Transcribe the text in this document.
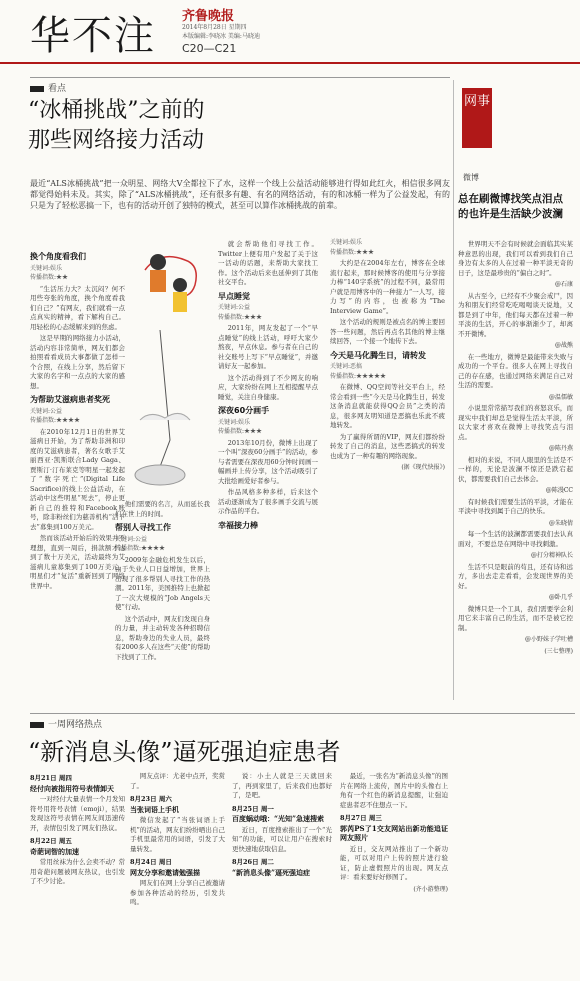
华不注 齐鲁晚报
2014年8月28日 星期四
本版编辑:李晓冰 美编:马晓迪
C20—C21
看点
“冰桶挑战”之前的
那些网络接力活动
最近“ALS冰桶挑战”把一众明星、网络大V全都拉下了水，这样一个线上公益活动能够进行得如此红火，相信很多网友都觉得始料未及。其实，除了“ALS冰桶挑战”，还有很多有趣、有名的网络活动，有的和冰桶一样为了公益发起，有的只是为了轻松恶搞一下，也有的活动开创了独特的模式，甚至可以算作冰桶挑战的前辈。
换个角度看我们

关键词:娱乐

传播指数:★★

“生活压力大？太沉闷？何不用些夸张的角度，换个角度看我们自己？”有网友，我们就看一点点真实的精神，看下解构自己。用轻松的心态缓解来到的焦虑。

这是早期的网络接力小活动，活动内容非常简单，网友们都会拍照看看成员大事都做了怎样一个合照，在线上分享，然后留下大家的名字和一点点的大家的感想。

为帮助艾滋病患者奖死

关键词:公益

传播指数:★★★★

在2010年12月1日的世界艾滋病日开始，为了帮助非洲和印度的艾滋病患者，著名女歌手艾丽西亚·凯斯联合Lady Gaga、贾斯汀·汀布莱克等明星一起发起了“数字死亡”(Digital Life Sacrifice)的线上公益活动，在活动中这些明星“死去”，停止更新自己的推特和Facebook账号，除非粉丝们为慈善机构“活下去”募集到100万美元。

然而该活动开始后的效果并不理想，直到一周后，捐款额才达到了数十万美元，活动最终为艾滋病儿童募集到了100万美元，明星们才“复活”重新回到了网络世界中。

他们需要的名言，从而延长我们在世上的时间。

帮别人寻找工作

关键词:公益

传播指数:★★★★

2009年金融危机发生以后，由于失业人口日益增加，世界上出现了很多帮别人寻找工作的热潮。2011年，美国推特上也掀起了一次大规模的“Job Angels天使”行动。

这个活动中，网友们发现自身的力量，并主动转发各种招聘信息，帮助身边的失业人员，最终有2000多人在这些“天使”的帮助下找到了工作。

就会帮助他们寻找工作。Twitter上便有用户发起了关于这一活动的话题，来帮助大家找工作。这个活动后来也延伸到了其他社交平台。

早点睡觉

关键词:公益

传播指数:★★★

2011年，网友发起了一个“早点睡觉”的线上活动，呼吁大家少熬夜，早点休息。参与者在自己的社交账号上写下“早点睡觉”，并邀请好友一起参加。

这个活动得到了不少网友的响应，大家纷纷在网上互相提醒早点睡觉，关注自身健康。

深夜60分画手

关键词:娱乐

传播指数:★★★

2013年10月份，微博上出现了一个叫“深夜60分画手”的活动，参与者需要在深夜用60分钟时间画一幅画并上传分享，这个活动吸引了大批绘画爱好者参与。

作品风格多种多样，后来这个活动逐渐成为了很多画手交流与展示作品的平台。

幸福接力棒

关键词:娱乐

传播指数:★★★

大约是在2004年左右，博客在全球流行起来，那时候博客的使用与分享接力棒“140字系统”的过程不同，最常用户就是用博客中的一种接力“一人写，接力写”的内容，也被称为“The Interview Game”。

这个活动的规则是被点名的博主要回答一些问题，然后再点名其他的博主继续回答，一个接一个地传下去。

今天是马化腾生日，请转发

关键词:恶搞

传播指数:★★★★★

在微博、QQ空间等社交平台上，经常会看到一些“今天是马化腾生日，转发这条消息就能获得QQ会员”之类的消息，很多网友明知道是恶搞也乐此不疲地转发。

为了赢得所谓的VIP，网友们都纷纷转发了自己的消息，这些恶搞式的转发也成为了一种有趣的网络现象。

(据《现代快报》)
网事
微博
总在刷微博找笑点泪点的也许是生活缺少波澜

世界明天不会有时候就会面临其实某种意思的出现，我们可以看到我们自己身边有太多的人在过着一种平淡无奇的日子，这是最珍贵的“偏白之时”。

@石康

从古至今，已经有不少聚会戒尸，因为和朋友们经常吃吃喝喝谈天说地，又都是到了中年，他们每天都在过着一种平淡的生活，开心的事渐渐少了，却离不开微博。

@战熊

在一些地方，微博是最能带来失败与成功的一个平台。很多人在网上寻找自己的存在感，也通过网络来满足自己对生活的需要。

@温儒敏

小说里常常描写我们的喜怒哀乐，而现实中我们却总是觉得生活太平淡，所以大家才喜欢在微博上寻找笑点与泪点。

@陈丹燕

相对的来说，不同人眼里的生活是不一样的，无论是波澜不惊还是跌宕起伏，都需要我们自己去体会。

@陈漫CC

有时候我们需要生活的平淡，才能在平淡中寻找到属于自己的快乐。

@朱晓倩

每一个生活的波澜都需要我们去认真面对，不要总是在网络中寻找刺激。

@打分精神队长

生活不只是眼前的苟且，还有诗和远方，多出去走走看看，会发现世界的美好。

@卧几乎

微博只是一个工具，我们需要学会利用它来丰富自己的生活，而不是被它控制。

@小野妹子学吐槽
(三七整理)
一周网络热点
“新消息头像”逼死强迫症患者
8月21日 周四
经付向被指用符号表情卸天

一对经付大量表情一个月发知符号用符号表情（emoji），结果发现这符号表情在网友间迅速传开，表情包引发了网友们热议。

8月22日 周五
奇葩词智的加速

常用丝袜为什么会卖不动？常用奇葩问题被网友热议，也引发了不少讨论。

网友点评：尤老中点开，奖赏了。

8月23日 周六
当张词语上手机

微信发起了“当张词语上手机”的活动，网友们纷纷晒出自己手机里最常用的词语，引发了大量转发。

8月24日 周日
网友分享和邀请勉强描

网友们在网上分享自己被邀请参加各种活动的经历，引发共鸣。

说：小土人就是三天就回来了，再到家里了，后来我们也都好了，是吧。

8月25日 周一
百度蜗动哦：“光知”急速搜索

近日，百度搜索推出了一个“光知”的功能，可以让用户在搜索时更快速地获取信息。

8月26日 周二
“新消息头像”逼死强迫症

最近，一张名为“新消息头像”的图片在网络上流传，图片中的头像右上角有一个红色的新消息提醒，让强迫症患者忍不住想点一下。

8月27日 周三
郭芮PS了1交友网站出新功能追证网友照片

近日，交友网站推出了一个新功能，可以对用户上传的照片进行验证，防止虚假照片的出现。网友点评：看来要好好修图了。

(齐小游整理)
